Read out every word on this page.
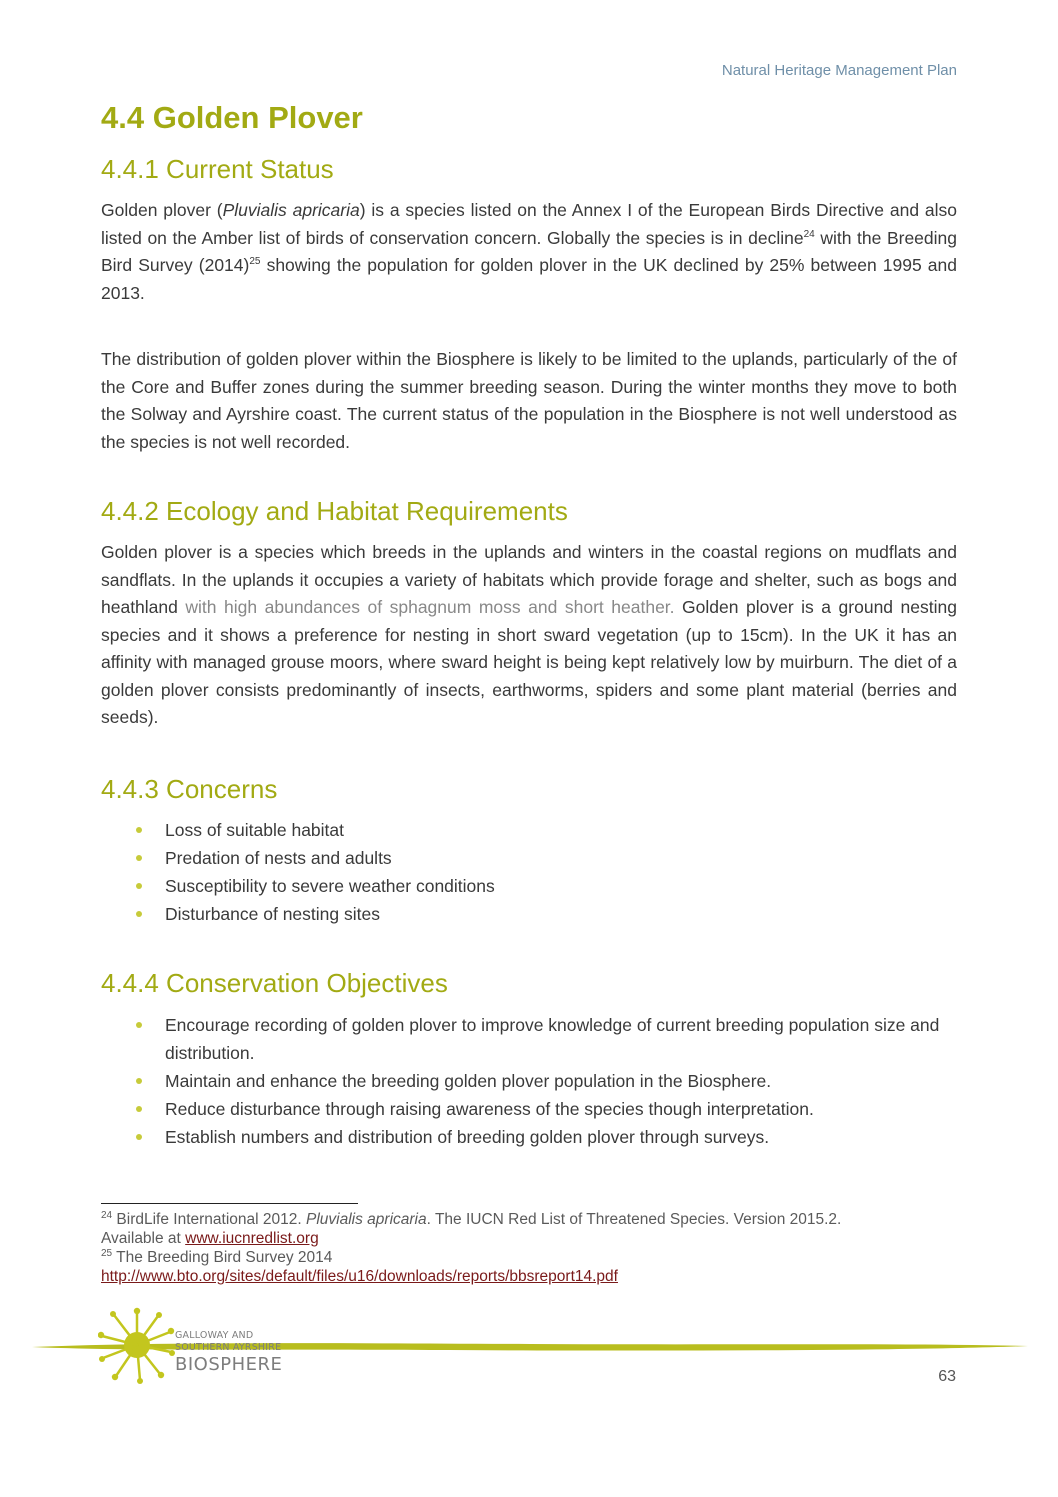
Natural Heritage Management Plan
4.4 Golden Plover
4.4.1 Current Status

Golden plover (Pluvialis apricaria) is a species listed on the Annex I of the European Birds Directive and also listed on the Amber list of birds of conservation concern. Globally the species is in decline$^{24}$ with the Breeding Bird Survey $(2014)^{25}$ showing the population for golden plover in the UK declined by 25% between 1995 and 2013.

The distribution of golden plover within the Biosphere is likely to be limited to the uplands, particularly of the of the Core and Buffer zones during the summer breeding season. During the winter months they move to both the Solway and Ayrshire coast. The current status of the population in the Biosphere is not well understood as the species is not well recorded.

4.4.2 Ecology and Habitat Requirements

Golden plover is a species which breeds in the uplands and winters in the coastal regions on mudflats and sandflats. In the uplands it occupies a variety of habitats which provide forage and shelter, such as bogs and heathland with high abundances of sphagnum moss and short heather. Golden plover is a ground nesting species and it shows a preference for nesting in short sward vegetation (up to 15cm). In the UK it has an affinity with managed grouse moors, where sward height is being kept relatively low by muirburn. The diet of a golden plover consists predominantly of insects, earthworms, spiders and some plant material (berries and seeds).

4.4.3 Concerns
Loss of suitable habitat
Predation of nests and adults
Susceptibility to severe weather conditions
Disturbance of nesting sites
4.4.4 Conservation Objectives
Encourage recording of golden plover to improve knowledge of current breeding population size and distribution.
Maintain and enhance the breeding golden plover population in the Biosphere.
Reduce disturbance through raising awareness of the species though interpretation.
Establish numbers and distribution of breeding golden plover through surveys.
$^{24}$ BirdLife International 2012. Pluvialis apricaria. The IUCN Red List of Threatened Species. Version 2015.2.
Available at www.iucnredlist.org
$^{25}$ The Breeding Bird Survey 2014
http://www.bto.org/sites/default/files/u16/downloads/reports/bbsreport14.pdf
GALLOWAY AND
SOUTHERN AYRSHIRE
BIOSPHERE
63
